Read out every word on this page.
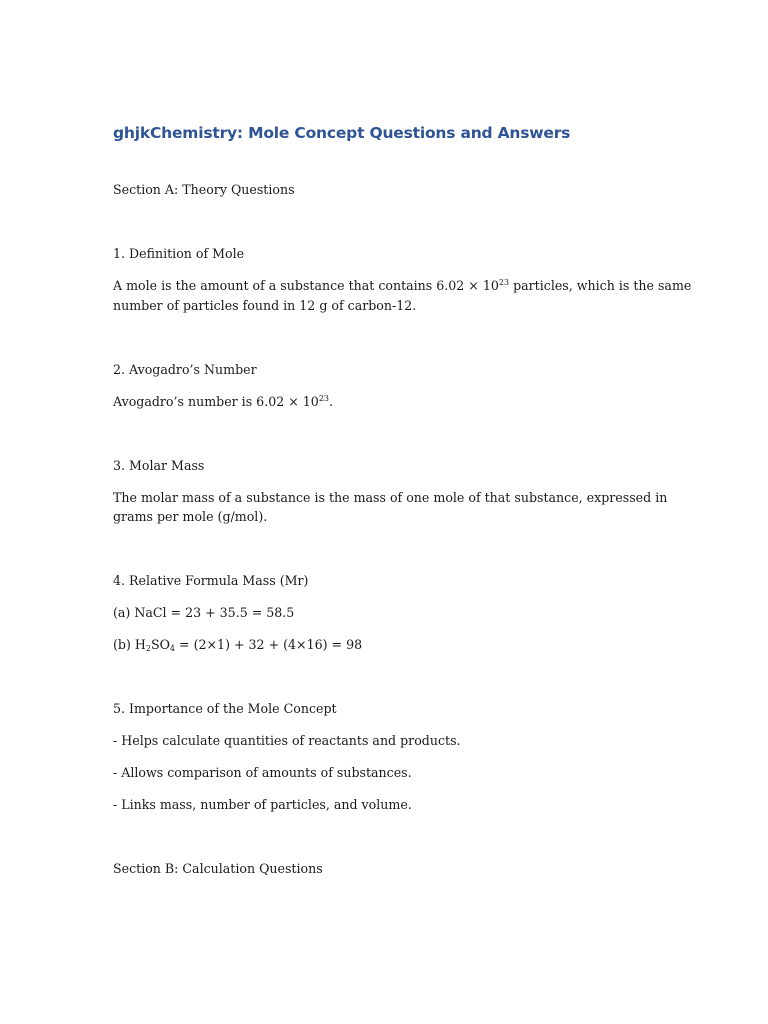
ghjkChemistry: Mole Concept Questions and Answers

Section A: Theory Questions

1. Definition of Mole

A mole is the amount of a substance that contains $6.02 \times 10^{23}$ particles, which is the same

number of particles found in 12 g of carbon-12.

2. Avogadro’s Number

Avogadro’s number is $6.02 \times 10^{23}$.

3. Molar Mass

The molar mass of a substance is the mass of one mole of that substance, expressed in

grams per mole (g/mol).

4. Relative Formula Mass (Mr)

(a) NaCl = 23 + 35.5 = 58.5

(b) $H_2SO_4 = (2\times 1) + 32 + (4\times 16) = 98$

5. Importance of the Mole Concept

- Helps calculate quantities of reactants and products.

- Allows comparison of amounts of substances.

- Links mass, number of particles, and volume.

Section B: Calculation Questions
